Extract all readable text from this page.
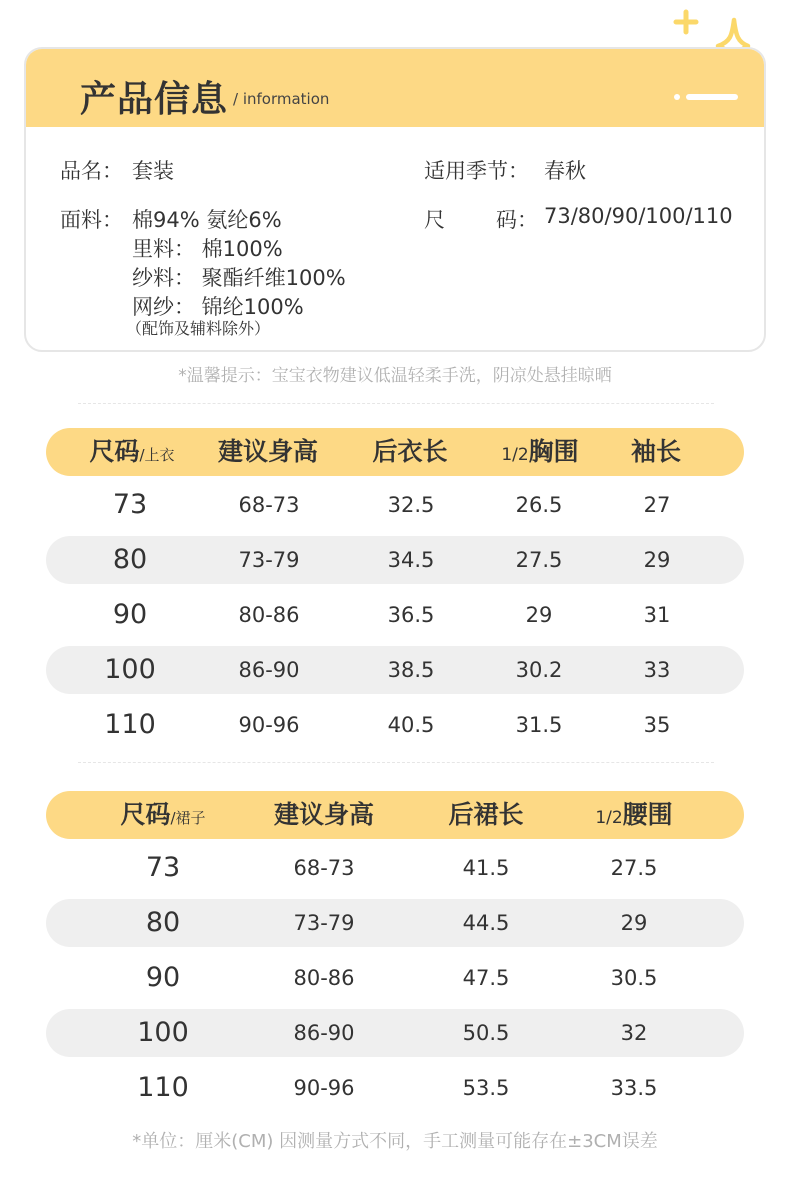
产品信息 / information
品名： 套装	适用季节： 春秋
面料： 棉94% 氨纶6%
里料： 棉100%
纱料： 聚酯纤维100%
网纱： 锦纶100%
（配饰及辅料除外）
尺 码： 73/80/90/100/110
*温馨提示：宝宝衣物建议低温轻柔手洗，阴凉处悬挂晾晒
尺码/上衣 建议身高 后衣长	1/2胸围 袖长
73	68-73	32.5	26.5	27
80	73-79	34.5	27.5	29
90	80-86	36.5	29	31
100	86-90	38.5	30.2	33
110	90-96	40.5	31.5	35
尺码/裙子	建议身高	后裙长	1/2腰围
73	68-73	41.5	27.5
80	73-79	44.5	29
90	80-86	47.5	30.5
100	86-90	50.5	32
110	90-96	53.5	33.5
*单位：厘米(CM) 因测量方式不同，手工测量可能存在±3CM误差
